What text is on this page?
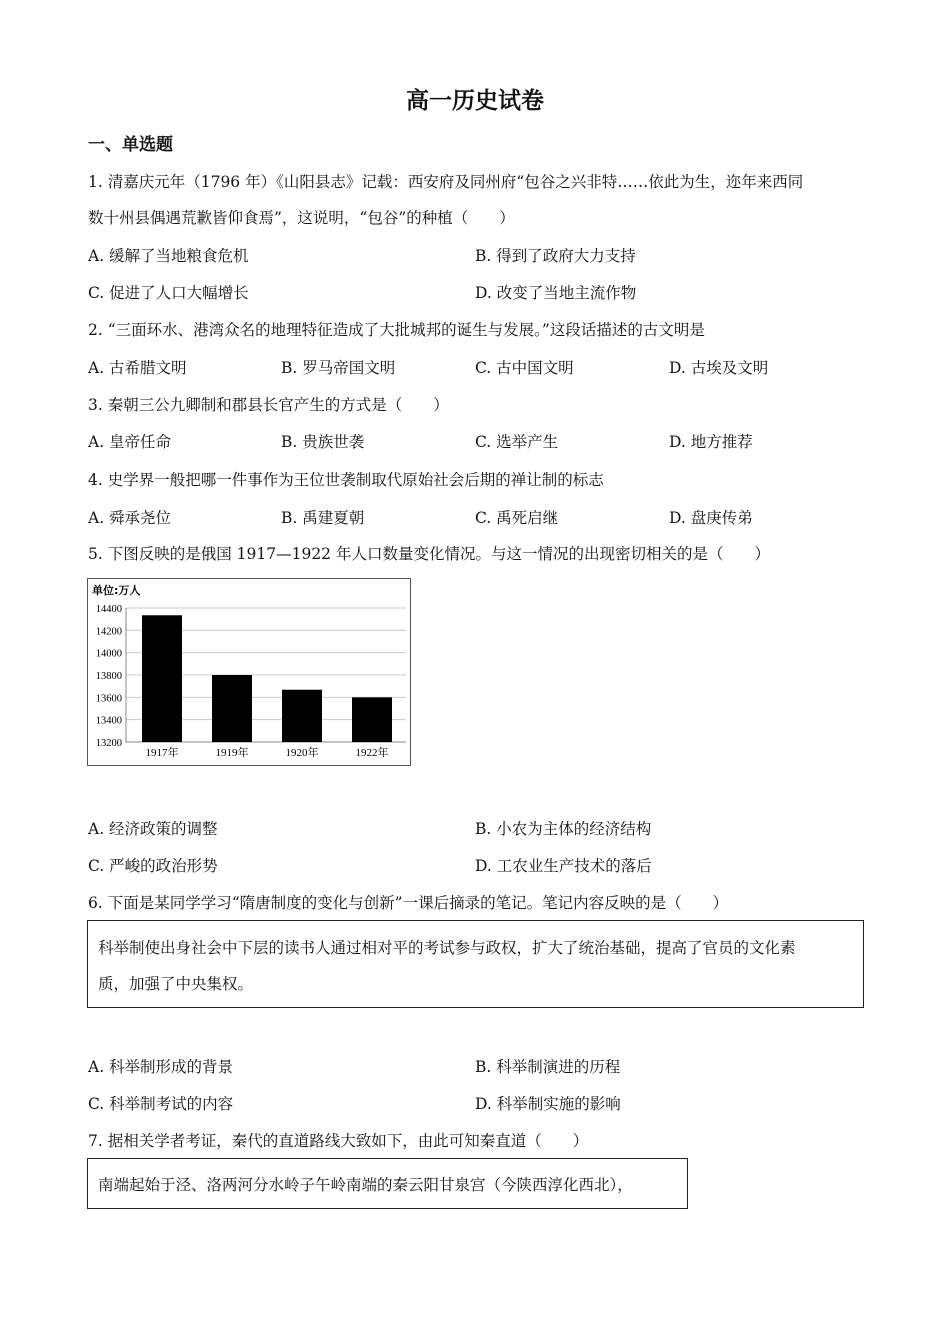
高一历史试卷
一、单选题
1. 清嘉庆元年（1796 年）《山阳县志》记载：西安府及同州府“包谷之兴非特……依此为生，迩年来西同
数十州县偶遇荒歉皆仰食焉”，这说明，“包谷”的种植（　　）
A. 缓解了当地粮食危机	B. 得到了政府大力支持
C. 促进了人口大幅增长	D. 改变了当地主流作物
2. “三面环水、港湾众名的地理特征造成了大批城邦的诞生与发展。”这段话描述的古文明是
A. 古希腊文明	B. 罗马帝国文明	C. 古中国文明	D. 古埃及文明
3. 秦朝三公九卿制和郡县长官产生的方式是（　　）
A. 皇帝任命	B. 贵族世袭	C. 选举产生	D. 地方推荐
4. 史学界一般把哪一件事作为王位世袭制取代原始社会后期的禅让制的标志
A. 舜承尧位	B. 禹建夏朝	C. 禹死启继	D. 盘庚传弟
5. 下图反映的是俄国 1917—1922 年人口数量变化情况。与这一情况的出现密切相关的是（　　）
单位:万人
14400
14200
14000
13800
13600
13400
13200
1917年	1919年	1920年	1922年
A. 经济政策的调整	B. 小农为主体的经济结构
C. 严峻的政治形势	D. 工农业生产技术的落后
6. 下面是某同学学习“隋唐制度的变化与创新”一课后摘录的笔记。笔记内容反映的是（　　）
科举制使出身社会中下层的读书人通过相对平的考试参与政权，扩大了统治基础，提高了官员的文化素
质，加强了中央集权。
A. 科举制形成的背景	B. 科举制演进的历程
C. 科举制考试的内容	D. 科举制实施的影响
7. 据相关学者考证，秦代的直道路线大致如下，由此可知秦直道（　　）
南端起始于泾、洛两河分水岭子午岭南端的秦云阳甘泉宫（今陕西淳化西北），
